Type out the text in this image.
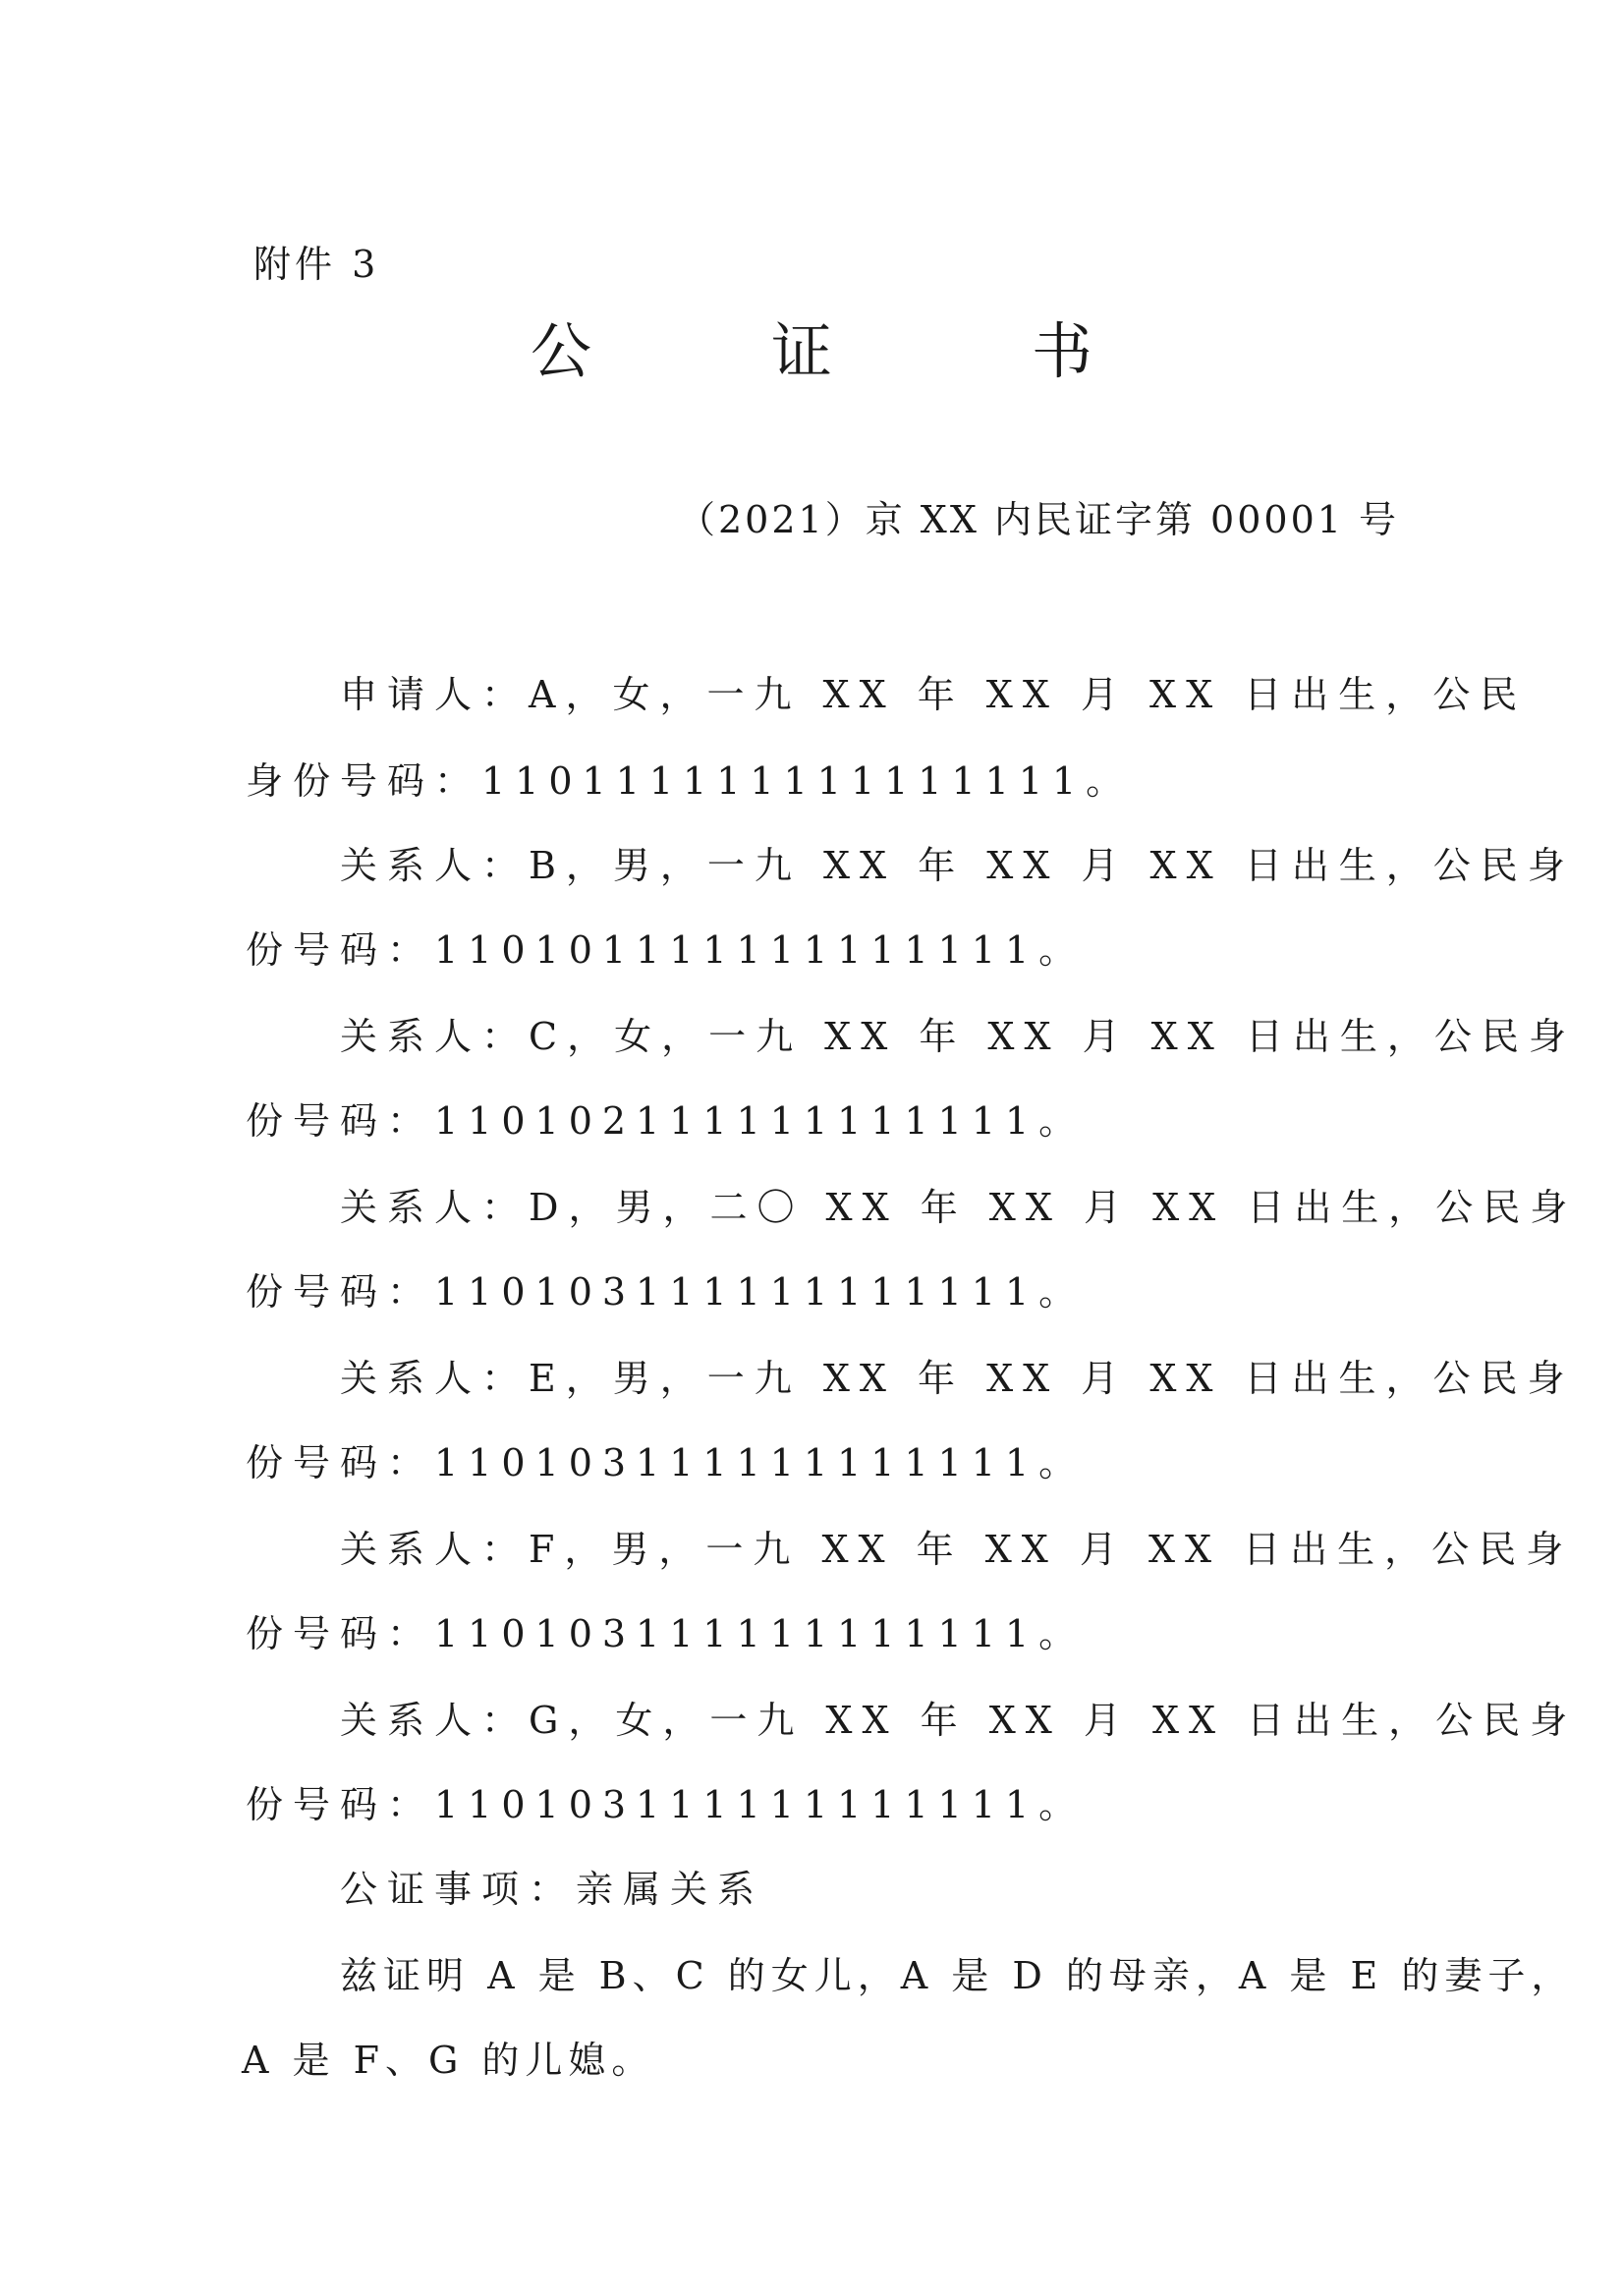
附件 3
公	证	书
（2021）京 XX 内民证字第 00001 号
申请人：A，女，一九 XX 年 XX 月 XX 日出生，公民
身份号码：110111111111111111。
关系人：B，男，一九 XX 年 XX 月 XX 日出生，公民身
份号码：110101111111111111。
关系人：C，女，一九 XX 年 XX 月 XX 日出生，公民身
份号码：110102111111111111。
关系人：D，男，二〇 XX 年 XX 月 XX 日出生，公民身
份号码：110103111111111111。
关系人：E，男，一九 XX 年 XX 月 XX 日出生，公民身
份号码：110103111111111111。
关系人：F，男，一九 XX 年 XX 月 XX 日出生，公民身
份号码：110103111111111111。
关系人：G，女，一九 XX 年 XX 月 XX 日出生，公民身
份号码：110103111111111111。
公证事项：亲属关系
兹证明 A 是 B、C 的女儿，A 是 D 的母亲，A 是 E 的妻子，
A 是 F、G 的儿媳。
